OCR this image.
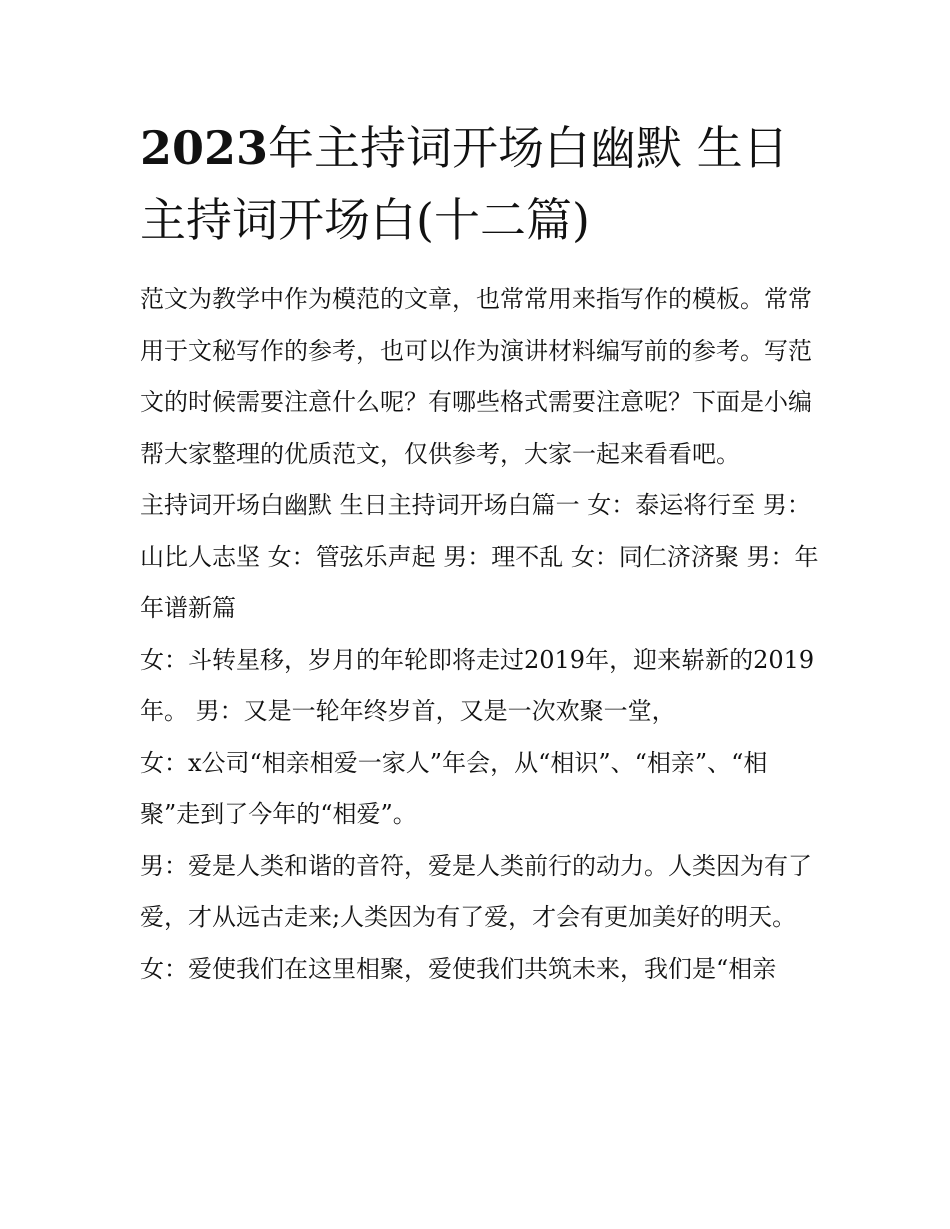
2023年主持词开场白幽默 生日主持词开场白(十二篇)

范文为教学中作为模范的文章，也常常用来指写作的模板。常常用于文秘写作的参考，也可以作为演讲材料编写前的参考。写范文的时候需要注意什么呢？有哪些格式需要注意呢？下面是小编帮大家整理的优质范文，仅供参考，大家一起来看看吧。

主持词开场白幽默 生日主持词开场白篇一 女：泰运将行至 男：山比人志坚 女：管弦乐声起 男：理不乱 女：同仁济济聚 男：年年谱新篇

女：斗转星移，岁月的年轮即将走过2019年，迎来崭新的2019年。 男：又是一轮年终岁首，又是一次欢聚一堂，

女：x公司“相亲相爱一家人”年会，从“相识”、“相亲”、“相聚”走到了今年的“相爱”。

男：爱是人类和谐的音符，爱是人类前行的动力。人类因为有了爱，才从远古走来;人类因为有了爱，才会有更加美好的明天。

女：爱使我们在这里相聚，爱使我们共筑未来，我们是“相亲
